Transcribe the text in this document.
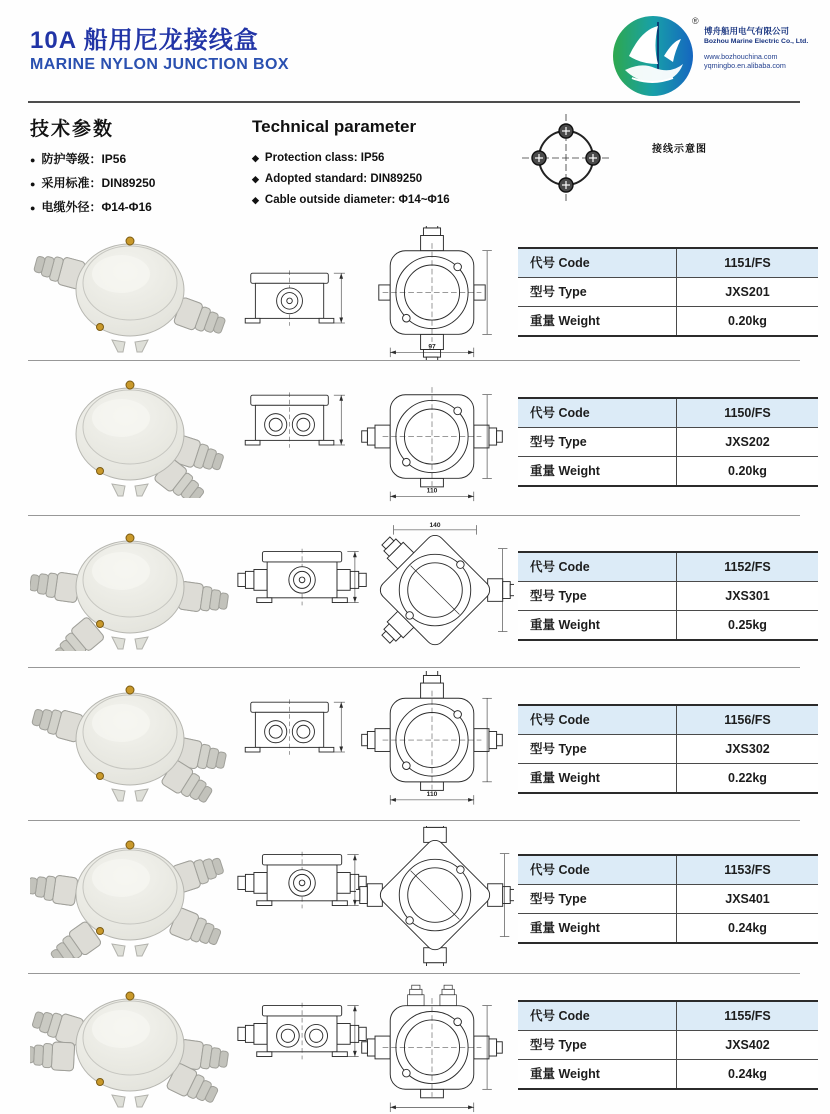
10A 船用尼龙接线盒
MARINE NYLON JUNCTION BOX
®
博舟船用电气有限公司
Bozhou Marine Electric Co., Ltd.
www.bozhouchina.com
yqmingbo.en.alibaba.com
技术参数
● 防护等级：IP56
● 采用标准：DIN89250
● 电缆外径：Φ14-Φ16
Technical parameter
◆ Protection class: IP56
◆ Adopted standard: DIN89250
◆ Cable outside diameter: Φ14~Φ16
接线示意图
97
代号 Code	1151/FS
型号 Type	JXS201
重量 Weight	0.20kg
110
代号 Code	1150/FS
型号 Type	JXS202
重量 Weight	0.20kg
140
代号 Code	1152/FS
型号 Type	JXS301
重量 Weight	0.25kg
110
代号 Code	1156/FS
型号 Type	JXS302
重量 Weight	0.22kg
代号 Code	1153/FS
型号 Type	JXS401
重量 Weight	0.24kg
代号 Code	1155/FS
型号 Type	JXS402
重量 Weight	0.24kg
